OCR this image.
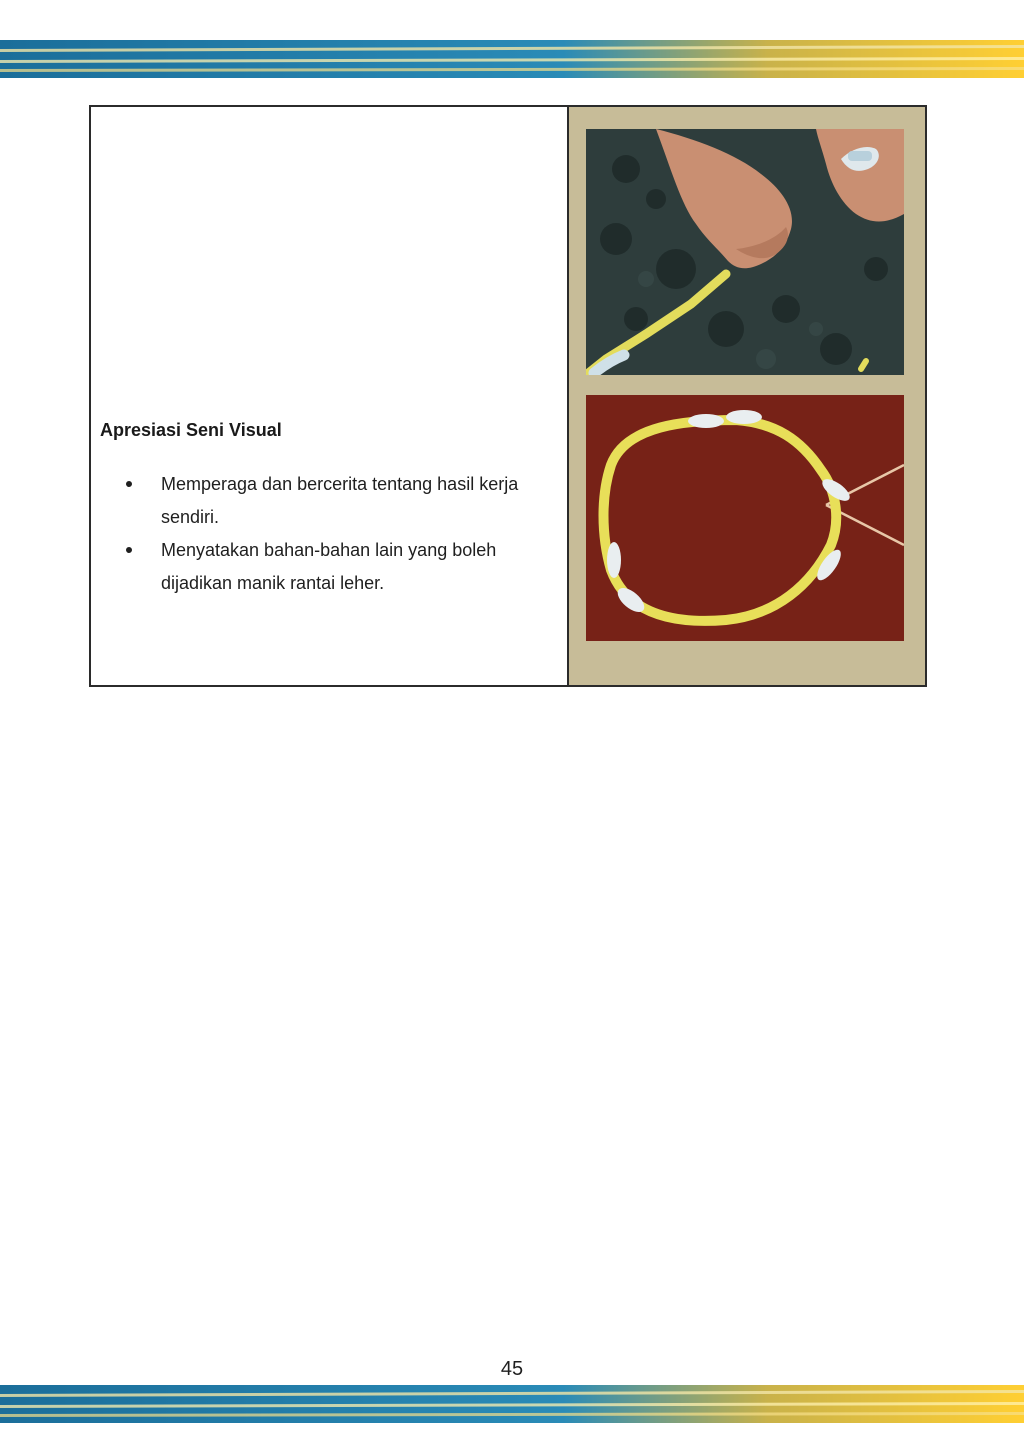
Apresiasi Seni Visual
Memperaga dan bercerita tentang hasil kerja sendiri.
Menyatakan bahan-bahan lain yang boleh dijadikan manik rantai leher.
45
